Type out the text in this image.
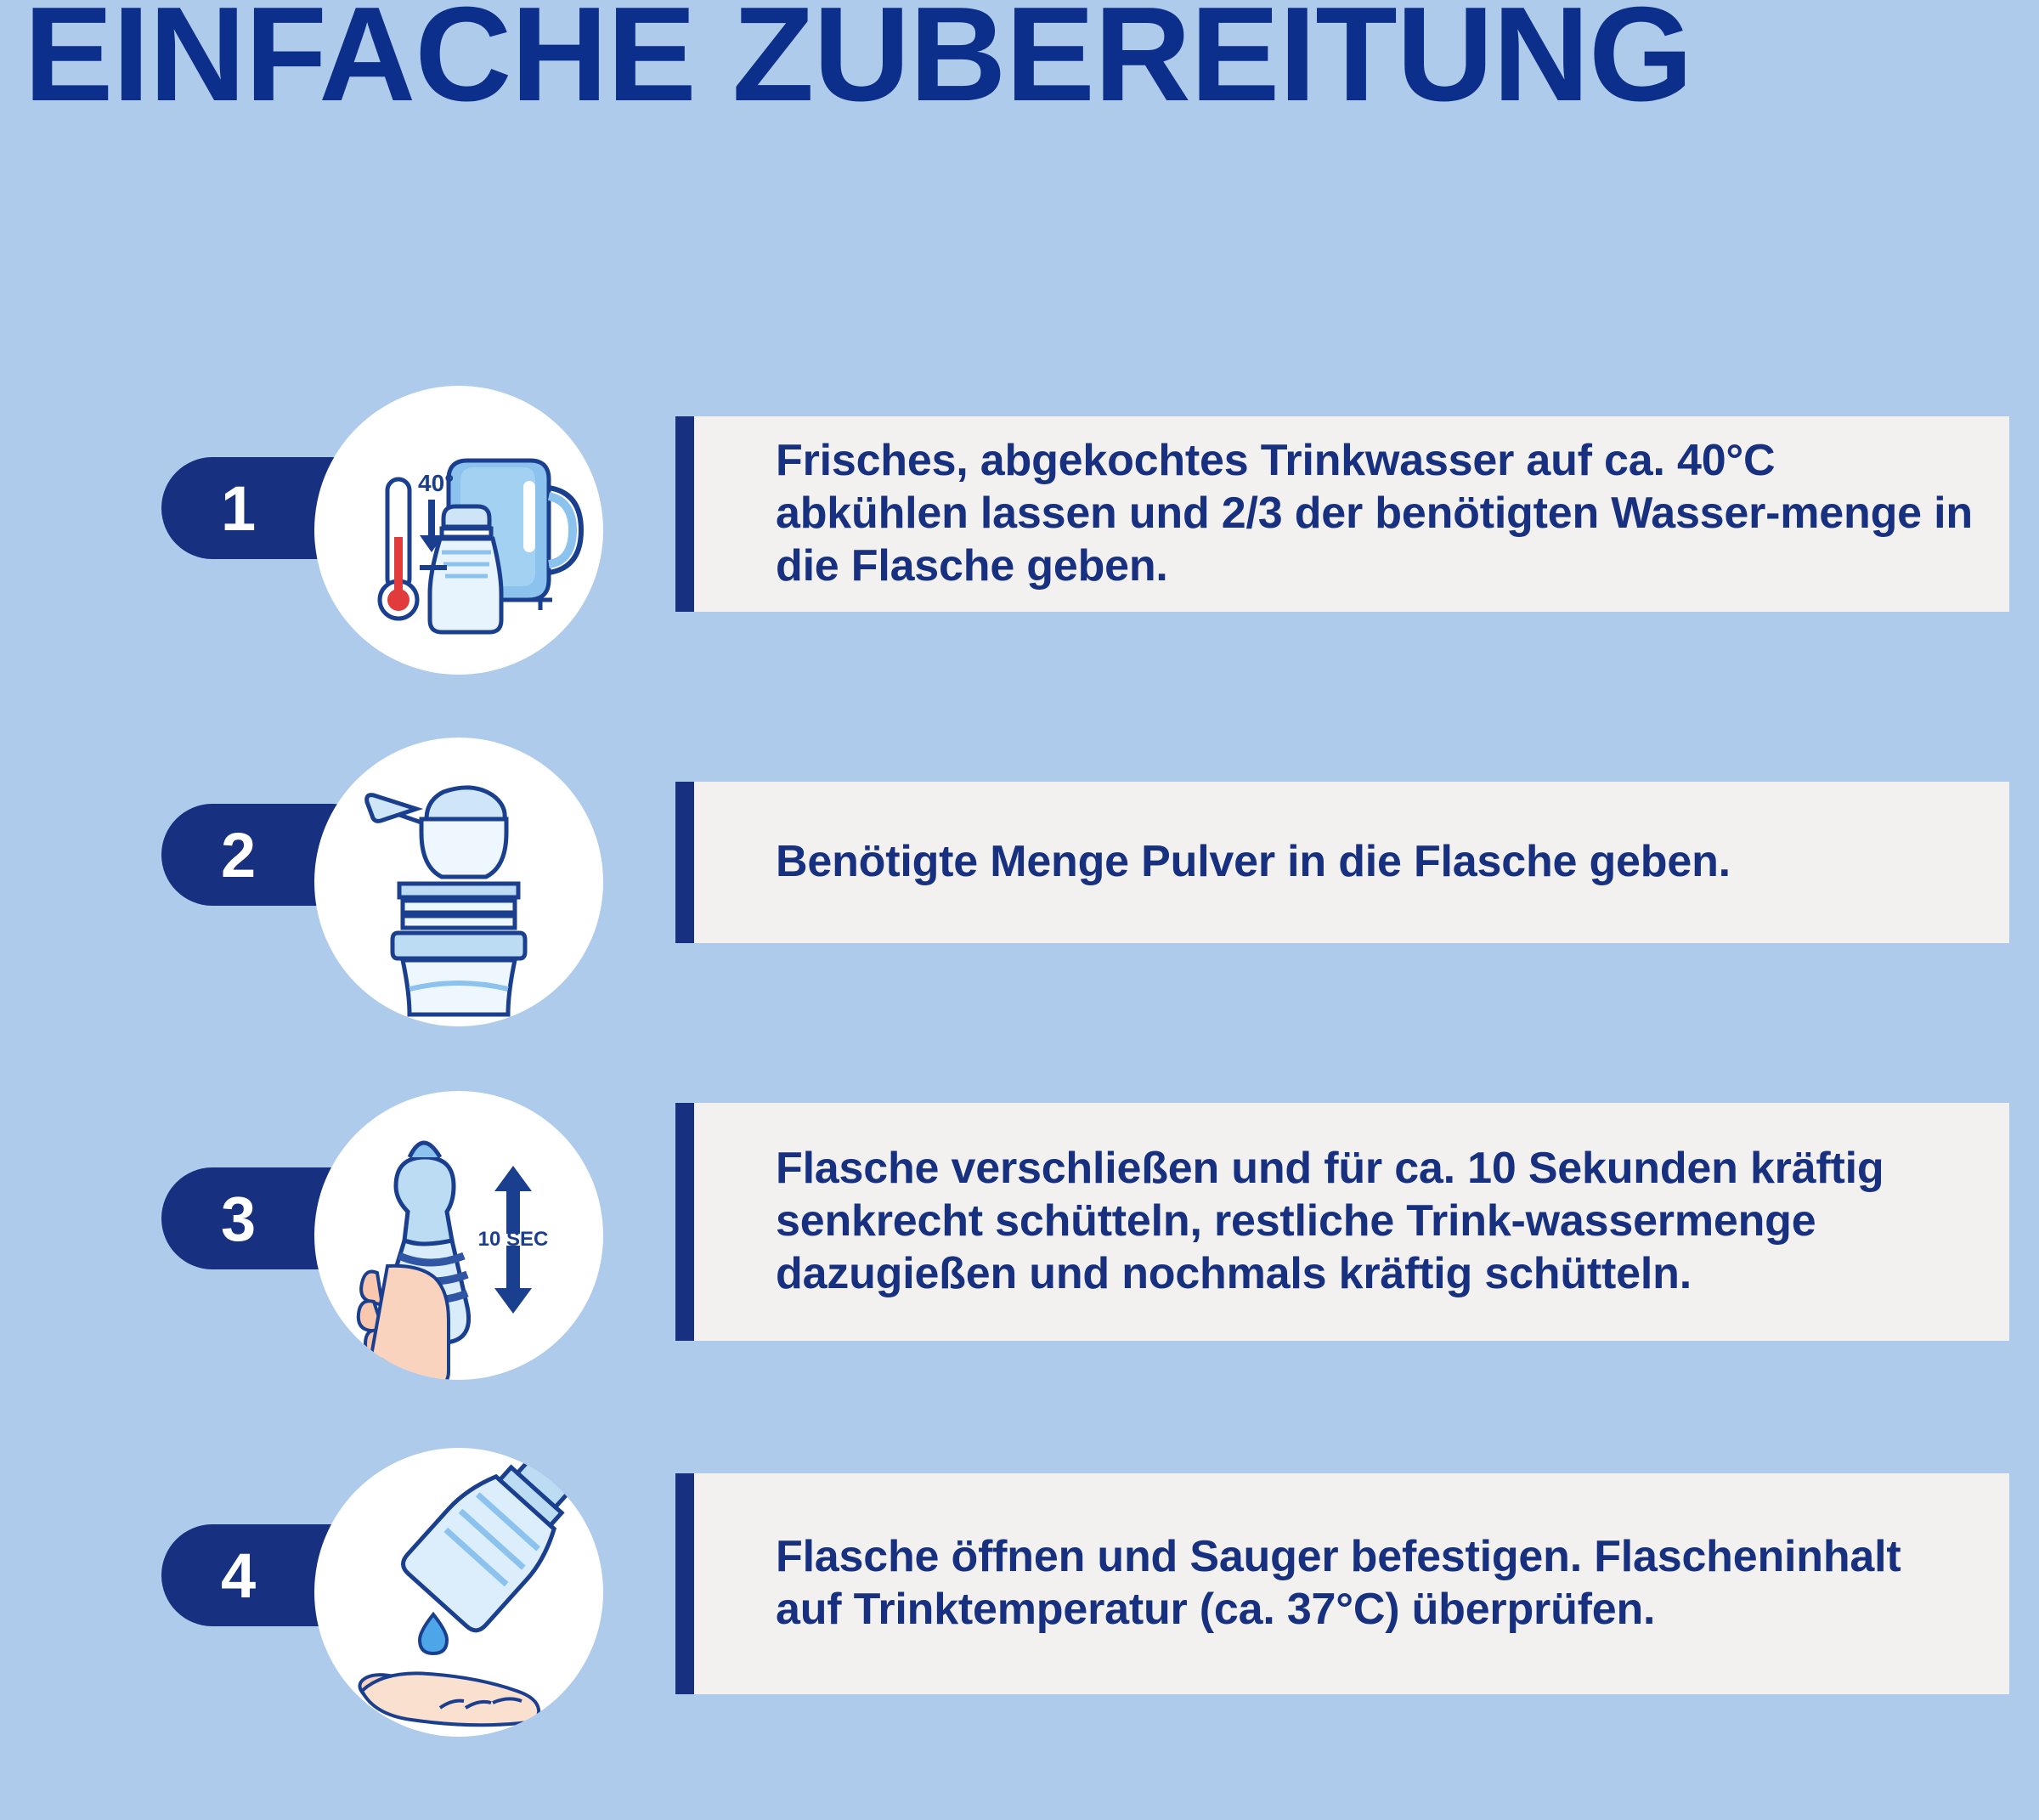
EINFACHE ZUBEREITUNG
1	40°	Frisches, abgekochtes Trinkwasser auf ca. 40°C abkühlen lassen und 2/3 der benötigten Wasser-menge in die Flasche geben.

2	Benötigte Menge Pulver in die Flasche geben.

3	10 SEC

Flasche verschließen und für ca. 10 Sekunden kräftig senkrecht schütteln, restliche Trink-wassermenge dazugießen und nochmals kräftig schütteln.

4	Flasche öffnen und Sauger befestigen. Flascheninhalt auf Trinktemperatur (ca. 37°C) überprüfen.
